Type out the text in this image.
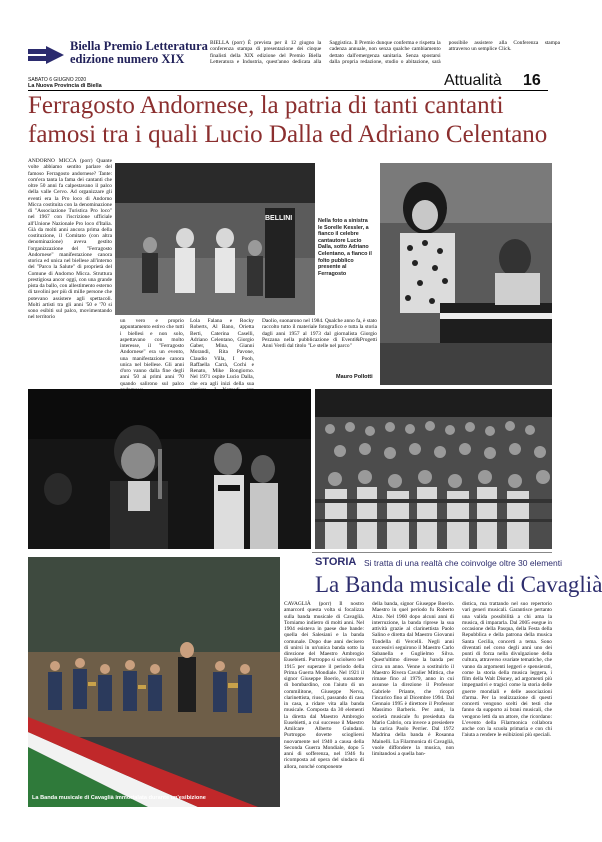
Biella Premio Letteratura
edizione numero XIX
BIELLA (porr) È prevista per il 12 giugno la conferenza stampa di presentazione dei cinque finalisti della XIX edizione del Premio Biella Letteratura e Industria, quest'anno dedicata alla Saggistica. Il Premio dunque conferma e rispetta la cadenza annuale, non senza qualche cambiamento dettato dall'emergenza sanitaria. Senza spostarsi dalla propria redazione, studio o abitazione, sarà possibile assistere alla Conferenza stampa attraverso un semplice Click.
SABATO 6 GIUGNO 2020
La Nuova Provincia di Biella	Attualità 16
Ferragosto Andornese, la patria di tanti cantanti
famosi tra i quali Lucio Dalla ed Adriano Celentano
ANDORNO MICCA (porr) Quante volte abbiamo sentito parlare del famoso Ferragosto andornese? Tante: com'era tanta la fama dei cantanti che oltre 50 anni fa calpestavano il palco della valle Cervo. Ad organizzare gli eventi era la Pro loco di Andorno Micca costituita con la denominazione di "Associazione Turistica Pro loco" nel 1967 con l'iscrizione ufficiale all'Unione Nazionale Pro loco d'Italia. Già da molti anni ancora prima della costituzione, il Comitato (con altra denominazione) aveva gestito l'organizzazione del "Ferragosto Andornese" manifestazione canora storica ed unica nel biellese all'interno del "Parco la Salute" di proprietà del Comune di Andorno Micca. Struttura prestigiosa ancor oggi, con una grande pista da ballo, con allestimento esterno di tavolini per più di mille persone che potevano assistere agli spettacoli. Molti artisti tra gli anni '50 e '70 si sono esibiti sul palco, movimentando nel territorio
BELLINI	Nella foto a sinistra le Sorelle Kessler, a fianco il celebre cantautore Lucio Dalla, sotto Adriano Celentano, a fianco il folto pubblico presente al Ferragosto
un vero e proprio appuntamento estivo che tutti i biellesi e non solo, aspettavano con molto interesse, il "Ferragosto Andornese" era un evento, una manifestazione canora unica nel biellese. Gli anni d'oro vanno dalla fine degli anni '50 ai primi anni '70 quando salirono sul palco
Lola Falana e Rocky Roberts, Al Bano, Orietta Berti, Caterina Caselli, Adriano Celentano, Giorgio Gaber, Mina, Gianni Morandi, Rita Pavone, Claudio Villa, I Pooh, Raffaella Carrà, Cochi e Renato, Mike Bongiorno. Nel 1971 ospite Lucio Dalla, che era agli inizi della sua
Daolio, suonarono nel 1984. Qualche anno fa, è stato raccolto tutto il materiale fotografico e tutta la storia dagli anni 1957 al 1973 dal giornalista Giorgio Pezzana nella pubblicazione di Eventi&Progetti Anni Verdi dal titolo "Le stelle nel parco"
Mauro Pollotti
STORIA Si tratta di una realtà che coinvolge oltre 30 elementi
La Banda musicale di Cavaglià
La Banda musicale di Cavaglià immortalata durante un'esibizione
CAVAGLIÀ (porr) Il nostro amarcord questa volta si focalizza sulla banda musicale di Cavaglià. Torniamo indietro di molti anni. Nel 1904 esisteva in paese due bande: quella dei Salesiani e la banda comunale. Dopo due anni decisero di unirsi in un'unica banda sotto la direzione del Maestro Ambrogio Eusebietti. Purtroppo si sciolsero nel 1915 per superare il periodo della Prima Guerra Mondiale. Nel 1921 il signor Giuseppe Boerio, suonatore di bombardino, con l'aiuto di un commilitone, Giuseppe Nerva, clarinettista, riuscì, passando di casa in casa, a ridare vita alla banda musicale. Composta da 30 elementi la diretta dal Maestro Ambrogio Eusebietti, a cui successe il Maestro Amilcare Alberto Guindani. Purtroppo dovette sciogliersi nuovamente nel 1940 a causa della Seconda Guerra Mondiale, dopo 5 anni di sofferenza, nel 1946 fu ricomposta ad opera del sindaco di allora, nonché componente
della banda, signor Giuseppe Boerio. Maestro in quel periodo fu Roberto Alzo. Nel 1960 dopo alcuni anni di interruzione, la banda riprese la sua attività grazie al clarinettista Paolo Salino e diretta dal Maestro Giovanni Tondella di Vercelli. Negli anni successivi seguirono il Maestro Carlo Sabanella e Guglielmo Silva. Quest'ultimo diresse la banda per circa un anno. Venne a sostituirlo il Maestro Rivera Cavalier Mittica, che rimase fino al 1979, anno in cui assunse la direzione il Professor Gabriele Priante, che ricoprì l'incarico fino al Dicembre 1994. Dal Gennaio 1995 è direttore il Professor Massimo Barberis. Per anni, la società musicale fu presieduta da Mario Cabrio, ora invece a presiedere la carica Paolo Perrier. Dal 1972 Madrina della banda è Rosanna Mainelli. La Filarmonica di Cavaglià, vuole diffondere la musica, non limitandosi a quella ban-
distica, ma trattando nel suo repertorio vari generi musicali. Garantisce pertanto una valida possibilità a chi ama la musica, di impararla. Dal 2005 esegue in occasione della Pasqua, della Festa della Repubblica e della patrona della musica Santa Cecilia, concerti a tema. Sono diventati nel corso degli anni uno dei punti di forza nella divulgazione della cultura, attraverso svariate tematiche, che vanno da argomenti leggeri e spensierati, come la storia della musica leggera, i film della Walt Disney, ad argomenti più impegnativi e tragici come la storia delle guerre mondiali e delle associazioni d'arma. Per la realizzazione di questi concerti vengono scelti dei testi che fanno da supporto ai brani musicali, che vengono letti da un attore, che ricordano: L'evento della Filarmonica collabora anche con la scuola primaria e con chi l'aiuta a rendere le esibizioni più speciali.
